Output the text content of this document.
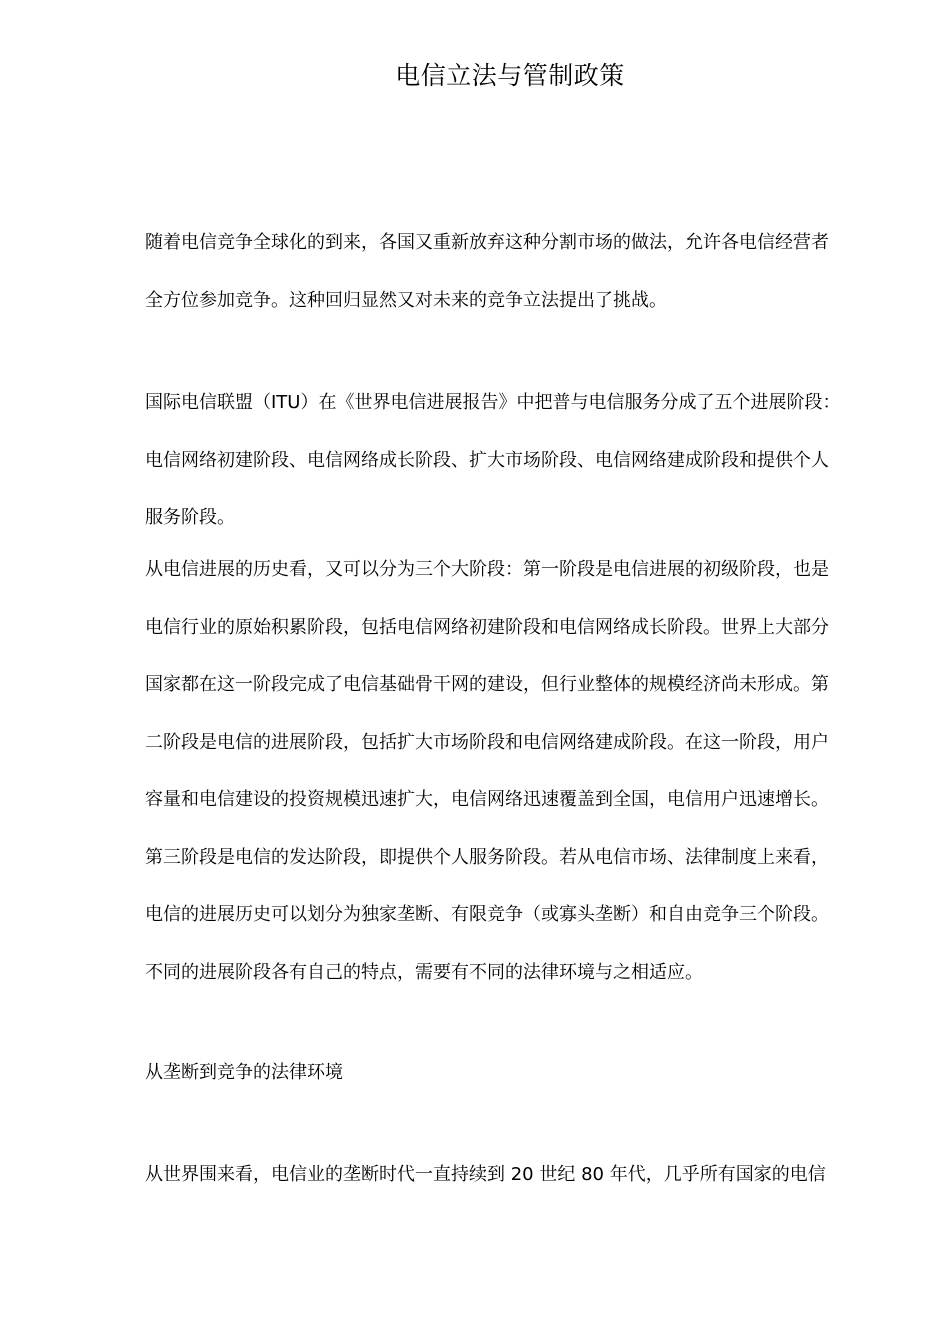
电信立法与管制政策

随着电信竞争全球化的到来，各国又重新放弃这种分割市场的做法，允许各电信经营者
全方位参加竞争。这种回归显然又对未来的竞争立法提出了挑战。

国际电信联盟（ITU）在《世界电信进展报告》中把普与电信服务分成了五个进展阶段：
电信网络初建阶段、电信网络成长阶段、扩大市场阶段、电信网络建成阶段和提供个人
服务阶段。

从电信进展的历史看，又可以分为三个大阶段：第一阶段是电信进展的初级阶段，也是
电信行业的原始积累阶段，包括电信网络初建阶段和电信网络成长阶段。世界上大部分
国家都在这一阶段完成了电信基础骨干网的建设，但行业整体的规模经济尚未形成。第
二阶段是电信的进展阶段，包括扩大市场阶段和电信网络建成阶段。在这一阶段，用户
容量和电信建设的投资规模迅速扩大，电信网络迅速覆盖到全国，电信用户迅速增长。
第三阶段是电信的发达阶段，即提供个人服务阶段。若从电信市场、法律制度上来看，
电信的进展历史可以划分为独家垄断、有限竞争（或寡头垄断）和自由竞争三个阶段。
不同的进展阶段各有自己的特点，需要有不同的法律环境与之相适应。

从垄断到竞争的法律环境

从世界围来看，电信业的垄断时代一直持续到 20 世纪 80 年代，几乎所有国家的电信
